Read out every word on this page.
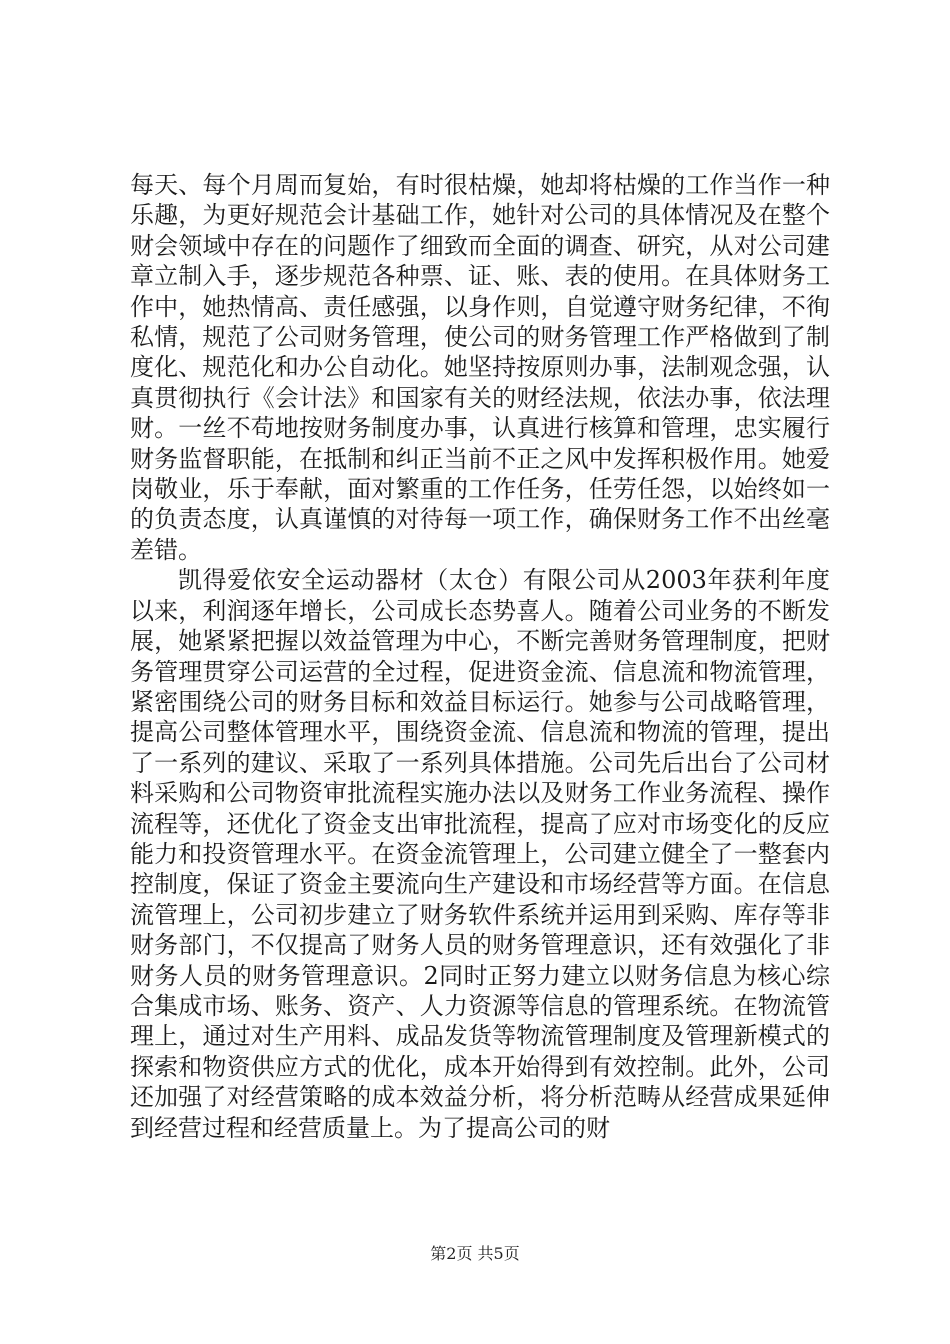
每天、每个月周而复始，有时很枯燥，她却将枯燥的工作当作一种乐趣，为更好规范会计基础工作，她针对公司的具体情况及在整个财会领域中存在的问题作了细致而全面的调查、研究，从对公司建章立制入手，逐步规范各种票、证、账、表的使用。在具体财务工作中，她热情高、责任感强，以身作则，自觉遵守财务纪律，不徇私情，规范了公司财务管理，使公司的财务管理工作严格做到了制度化、规范化和办公自动化。她坚持按原则办事，法制观念强，认真贯彻执行《会计法》和国家有关的财经法规，依法办事，依法理财。一丝不苟地按财务制度办事，认真进行核算和管理，忠实履行财务监督职能，在抵制和纠正当前不正之风中发挥积极作用。她爱岗敬业，乐于奉献，面对繁重的工作任务，任劳任怨，以始终如一的负责态度，认真谨慎的对待每一项工作，确保财务工作不出丝毫差错。

凯得爱依安全运动器材（太仓）有限公司从2003年获利年度以来，利润逐年增长，公司成长态势喜人。随着公司业务的不断发展，她紧紧把握以效益管理为中心，不断完善财务管理制度，把财务管理贯穿公司运营的全过程，促进资金流、信息流和物流管理，紧密围绕公司的财务目标和效益目标运行。她参与公司战略管理，提高公司整体管理水平，围绕资金流、信息流和物流的管理，提出了一系列的建议、采取了一系列具体措施。公司先后出台了公司材料采购和公司物资审批流程实施办法以及财务工作业务流程、操作流程等，还优化了资金支出审批流程，提高了应对市场变化的反应能力和投资管理水平。在资金流管理上，公司建立健全了一整套内控制度，保证了资金主要流向生产建设和市场经营等方面。在信息流管理上，公司初步建立了财务软件系统并运用到采购、库存等非财务部门，不仅提高了财务人员的财务管理意识，还有效强化了非财务人员的财务管理意识。2同时正努力建立以财务信息为核心综合集成市场、账务、资产、人力资源等信息的管理系统。在物流管理上，通过对生产用料、成品发货等物流管理制度及管理新模式的探索和物资供应方式的优化，成本开始得到有效控制。此外，公司还加强了对经营策略的成本效益分析，将分析范畴从经营成果延伸到经营过程和经营质量上。为了提高公司的财

第2页 共5页
